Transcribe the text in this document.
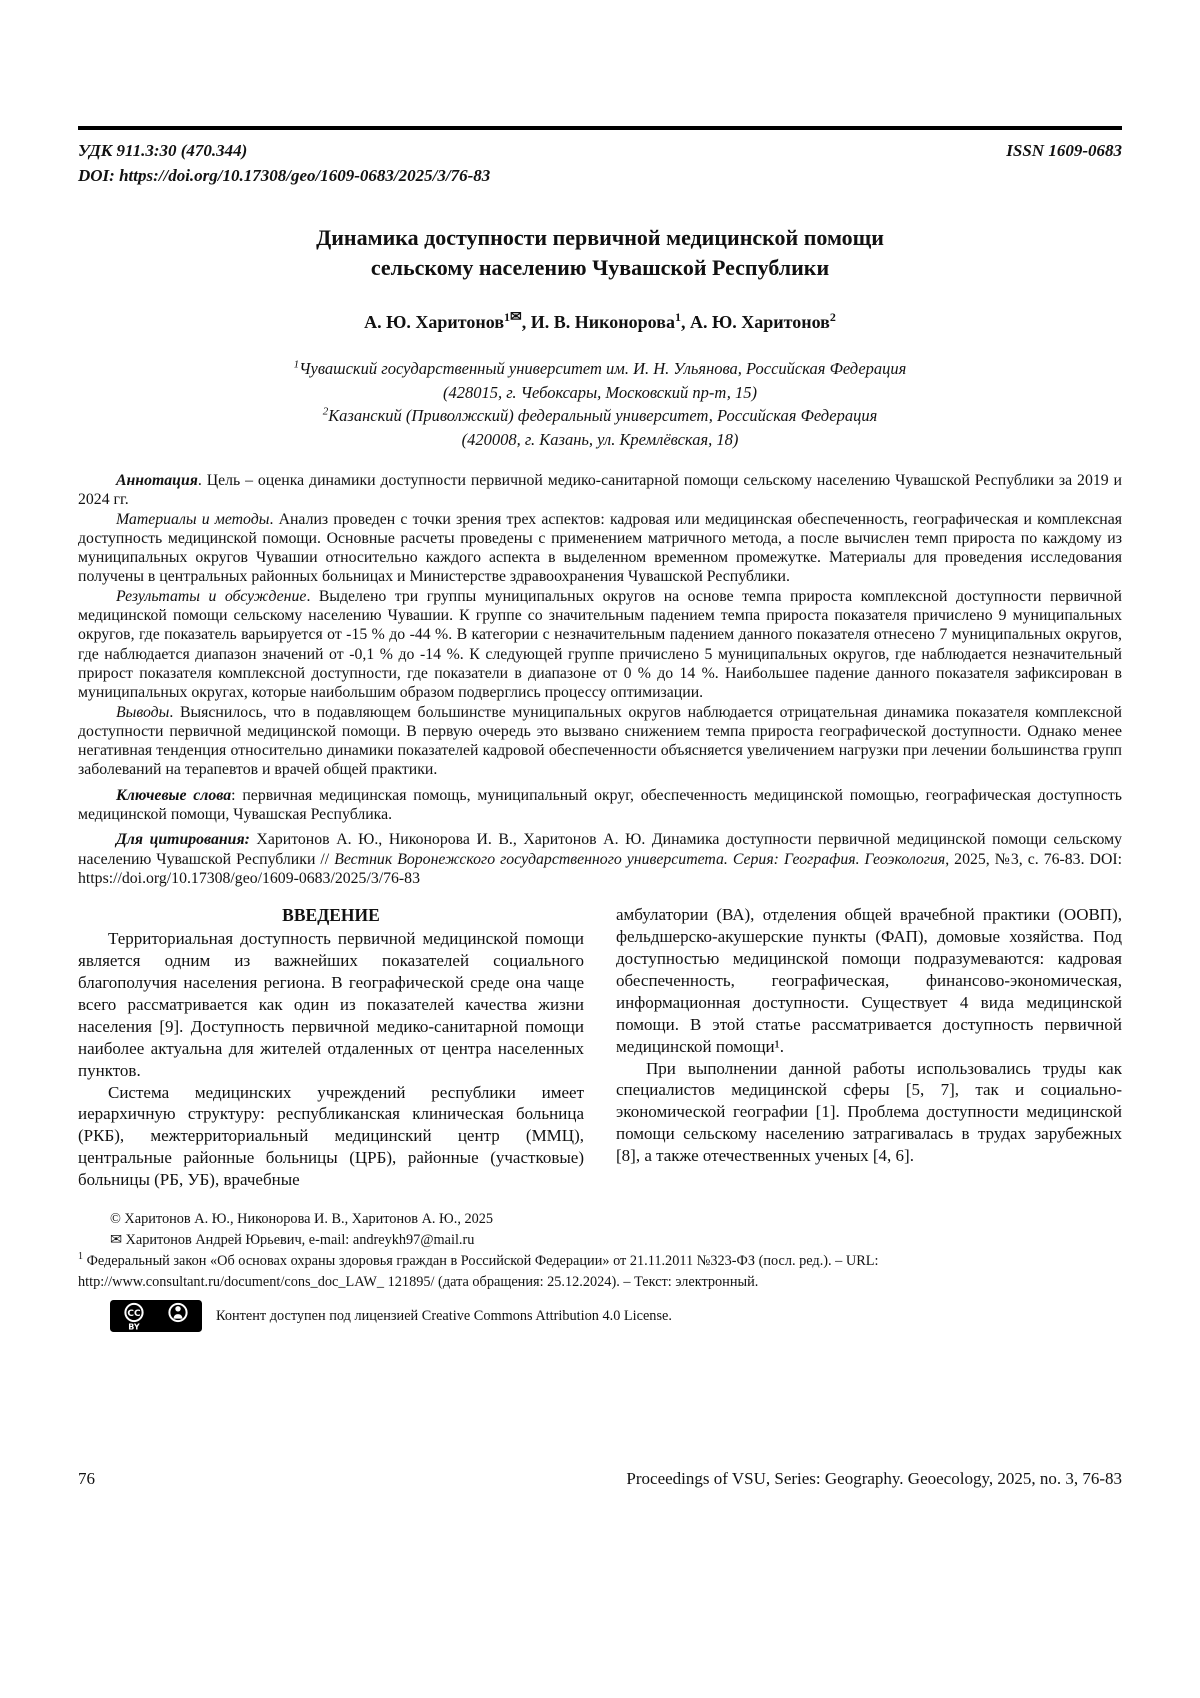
УДК 911.3:30 (470.344)	ISSN 1609-0683
DOI: https://doi.org/10.17308/geo/1609-0683/2025/3/76-83
Динамика доступности первичной медицинской помощи
сельскому населению Чувашской Республики
А. Ю. Харитонов$^{1✉}$, И. В. Никонорова$^1$, А. Ю. Харитонов$^2$
$^1$Чувашский государственный университет им. И. Н. Ульянова, Российская Федерация
(428015, г. Чебоксары, Московский пр-т, 15)
$^2$Казанский (Приволжский) федеральный университет, Российская Федерация
(420008, г. Казань, ул. Кремлёвская, 18)

Аннотация. Цель – оценка динамики доступности первичной медико-санитарной помощи сельскому населению Чувашской Республики за 2019 и 2024 гг.

Материалы и методы. Анализ проведен с точки зрения трех аспектов: кадровая или медицинская обеспеченность, географическая и комплексная доступность медицинской помощи. Основные расчеты проведены с применением матричного метода, а после вычислен темп прироста по каждому из муниципальных округов Чувашии относительно каждого аспекта в выделенном временном промежутке. Материалы для проведения исследования получены в центральных районных больницах и Министерстве здравоохранения Чувашской Республики.

Результаты и обсуждение. Выделено три группы муниципальных округов на основе темпа прироста комплексной доступности первичной медицинской помощи сельскому населению Чувашии. К группе со значительным падением темпа прироста показателя причислено 9 муниципальных округов, где показатель варьируется от -15 % до -44 %. В категории с незначительным падением данного показателя отнесено 7 муниципальных округов, где наблюдается диапазон значений от -0,1 % до -14 %. К следующей группе причислено 5 муниципальных округов, где наблюдается незначительный прирост показателя комплексной доступности, где показатели в диапазоне от 0 % до 14 %. Наибольшее падение данного показателя зафиксирован в муниципальных округах, которые наибольшим образом подверглись процессу оптимизации.

Выводы. Выяснилось, что в подавляющем большинстве муниципальных округов наблюдается отрицательная динамика показателя комплексной доступности первичной медицинской помощи. В первую очередь это вызвано снижением темпа прироста географической доступности. Однако менее негативная тенденция относительно динамики показателей кадровой обеспеченности объясняется увеличением нагрузки при лечении большинства групп заболеваний на терапевтов и врачей общей практики.

Ключевые слова: первичная медицинская помощь, муниципальный округ, обеспеченность медицинской помощью, географическая доступность медицинской помощи, Чувашская Республика.

Для цитирования: Харитонов А. Ю., Никонорова И. В., Харитонов А. Ю. Динамика доступности первичной медицинской помощи сельскому населению Чувашской Республики // Вестник Воронежского государственного университета. Серия: География. Геоэкология, 2025, №3, с. 76-83. DOI: https://doi.org/10.17308/geo/1609-0683/2025/3/76-83

ВВЕДЕНИЕ

Территориальная доступность первичной медицинской помощи является одним из важнейших показателей социального благополучия населения региона. В географической среде она чаще всего рассматривается как один из показателей качества жизни населения [9]. Доступность первичной медико-санитарной помощи наиболее актуальна для жителей отдаленных от центра населенных пунктов.

Система медицинских учреждений республики имеет иерархичную структуру: республиканская клиническая больница (РКБ), межтерриториальный медицинский центр (ММЦ), центральные районные больницы (ЦРБ), районные (участковые) больницы (РБ, УБ), врачебные

амбулатории (ВА), отделения общей врачебной практики (ООВП), фельдшерско-акушерские пункты (ФАП), домовые хозяйства. Под доступностью медицинской помощи подразумеваются: кадровая обеспеченность, географическая, финансово-экономическая, информационная доступности. Существует 4 вида медицинской помощи. В этой статье рассматривается доступность первичной медицинской помощи¹.

При выполнении данной работы использовались труды как специалистов медицинской сферы [5, 7], так и социально-экономической географии [1]. Проблема доступности медицинской помощи сельскому населению затрагивалась в трудах зарубежных [8], а также отечественных ученых [4, 6].

© Харитонов А. Ю., Никонорова И. В., Харитонов А. Ю., 2025

✉ Харитонов Андрей Юрьевич, e-mail: andreykh97@mail.ru

$^1$ Федеральный закон «Об основах охраны здоровья граждан в Российской Федерации» от 21.11.2011 №323-ФЗ (посл. ред.). – URL: http://www.consultant.ru/document/cons_doc_LAW_ 121895/ (дата обращения: 25.12.2024). – Текст: электронный.

CC
BY
Контент доступен под лицензией Creative Commons Attribution 4.0 License.
76	Proceedings of VSU, Series: Geography. Geoecology, 2025, no. 3, 76-83
